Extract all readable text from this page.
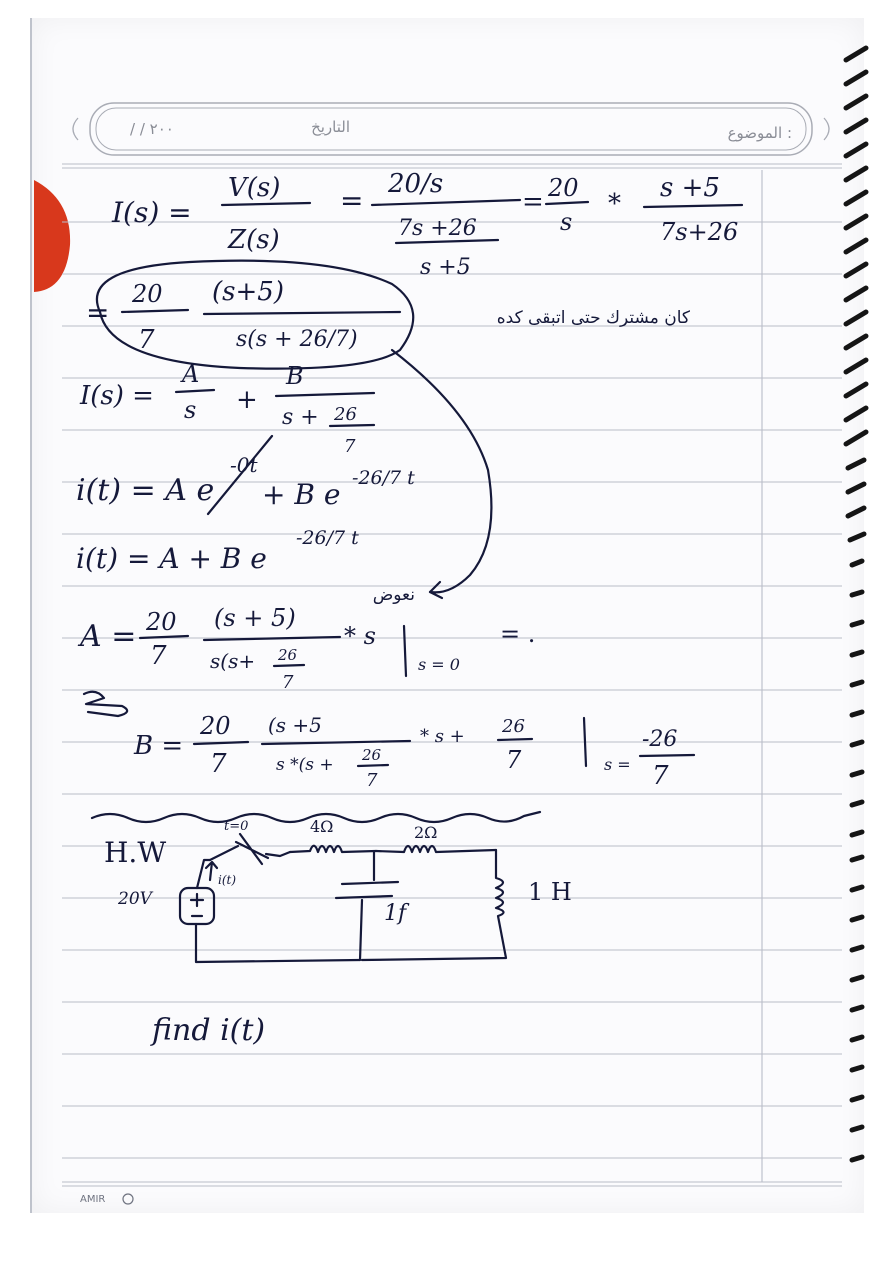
الموضوع :
التاريخ
/ / ٢٠٠
I(s) =
V(s)
Z(s)
= 20/s
7s +26
s +5
= 20
s
*
s +5
7s+26
=
20
7
(s+5)
s(s + 26/7)
كان مشترك حتى اتبقى كده
I(s) =
A
s +
B
s + 26
7
i(t) = A e
-0t
+ B e -26/7 t
i(t) = A + B e
-26/7 t
نعوض
A = 20
7
(s + 5)
s(s+ 26
7
* s
s = 0
= .
B =
20
7
(s +5
s *(s + 26
7
* s + 26
7	s =
-26
7
H.W
t=0	4Ω	2Ω
20V
i(t)
1f
1 H
find i(t)
AMIR
